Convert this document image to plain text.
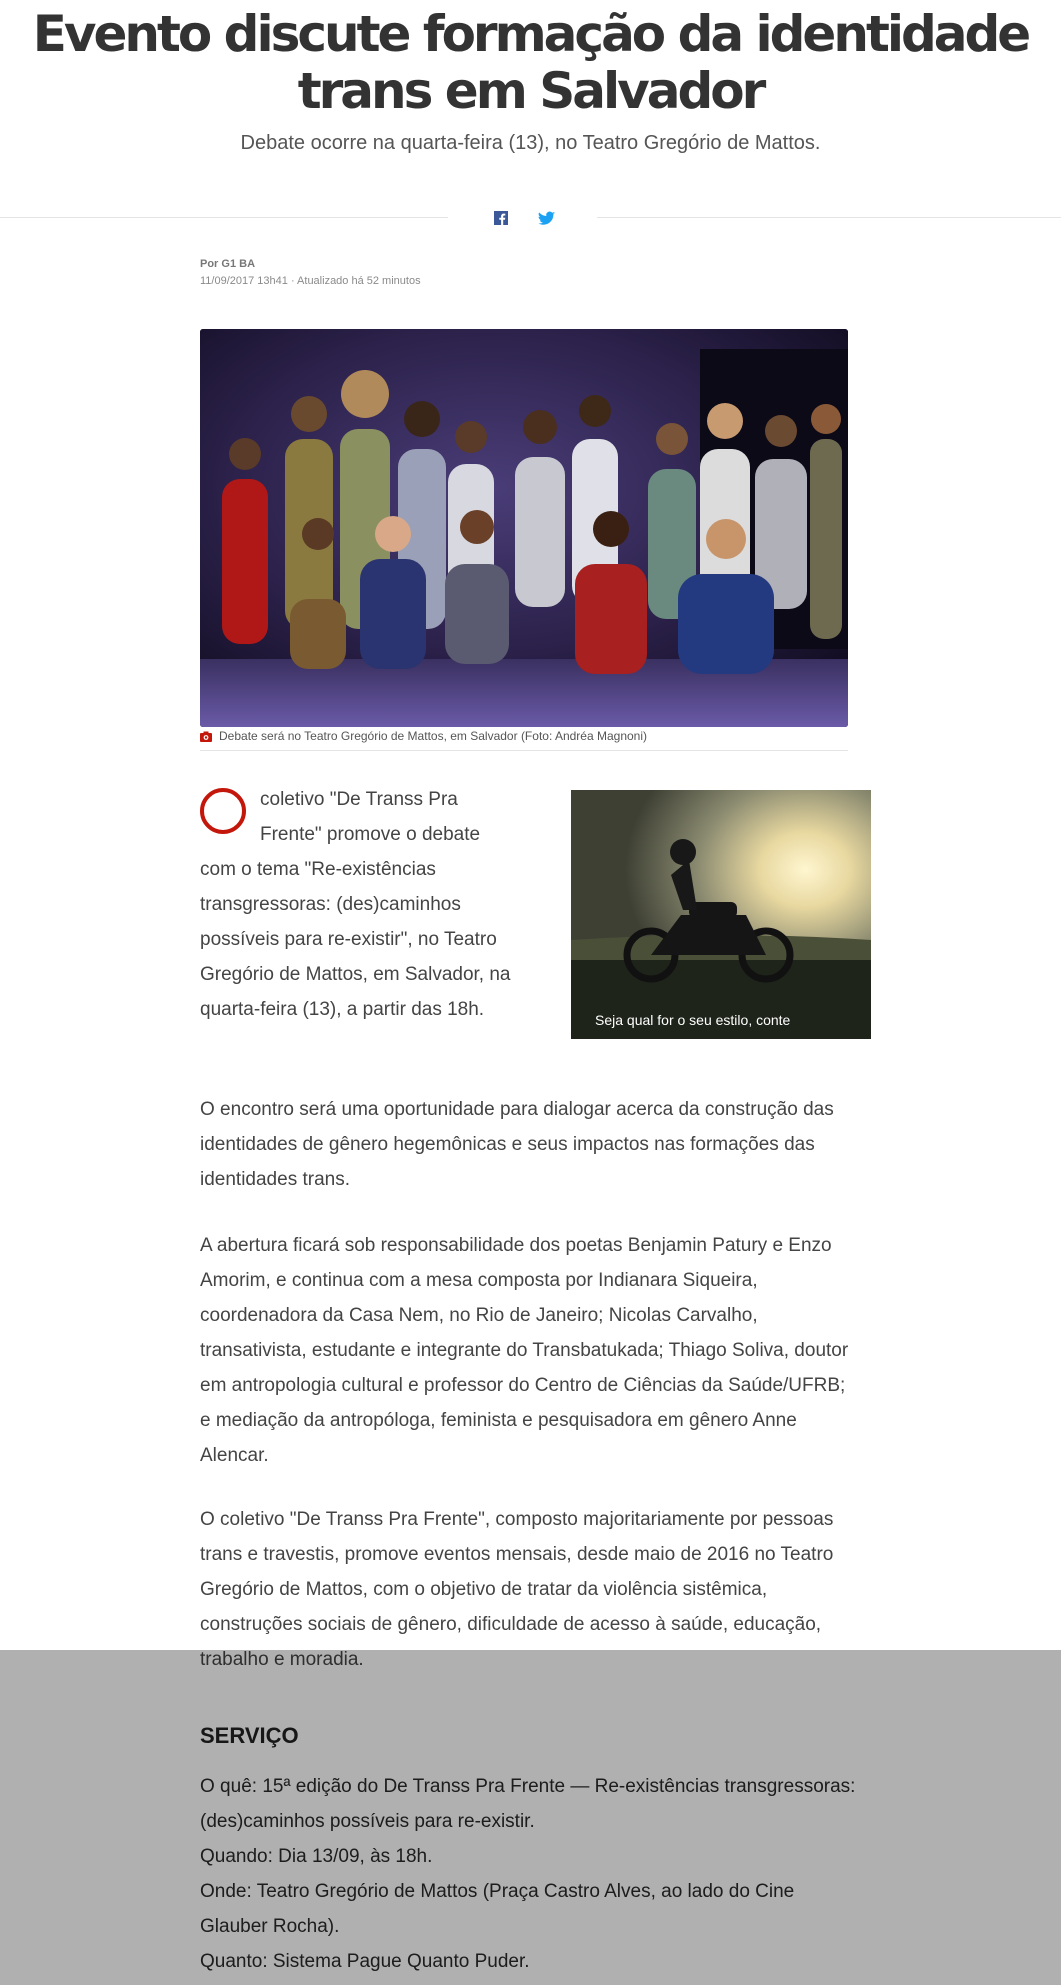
Evento discute formação da identidade trans em Salvador

Debate ocorre na quarta-feira (13), no Teatro Gregório de Mattos.

Por G1 BA
11/09/2017 13h41 · Atualizado há 52 minutos
Debate será no Teatro Gregório de Mattos, em Salvador (Foto: Andréa Magnoni)

coletivo "De Transs Pra Frente" promove o debate

com o tema "Re-existências transgressoras: (des)caminhos possíveis para re-existir", no Teatro Gregório de Mattos, em Salvador, na quarta-feira (13), a partir das 18h.	Seja qual for o seu estilo, conte

O encontro será uma oportunidade para dialogar acerca da construção das identidades de gênero hegemônicas e seus impactos nas formações das identidades trans.

A abertura ficará sob responsabilidade dos poetas Benjamin Patury e Enzo Amorim, e continua com a mesa composta por Indianara Siqueira, coordenadora da Casa Nem, no Rio de Janeiro; Nicolas Carvalho, transativista, estudante e integrante do Transbatukada; Thiago Soliva, doutor em antropologia cultural e professor do Centro de Ciências da Saúde/UFRB; e mediação da antropóloga, feminista e pesquisadora em gênero Anne Alencar.

O coletivo "De Transs Pra Frente", composto majoritariamente por pessoas trans e travestis, promove eventos mensais, desde maio de 2016 no Teatro Gregório de Mattos, com o objetivo de tratar da violência sistêmica, construções sociais de gênero, dificuldade de acesso à saúde, educação, trabalho e moradia.

SERVIÇO

O quê: 15ª edição do De Transs Pra Frente — Re-existências transgressoras: (des)caminhos possíveis para re-existir.

Quando: Dia 13/09, às 18h.

Onde: Teatro Gregório de Mattos (Praça Castro Alves, ao lado do Cine Glauber Rocha).

Quanto: Sistema Pague Quanto Puder.
